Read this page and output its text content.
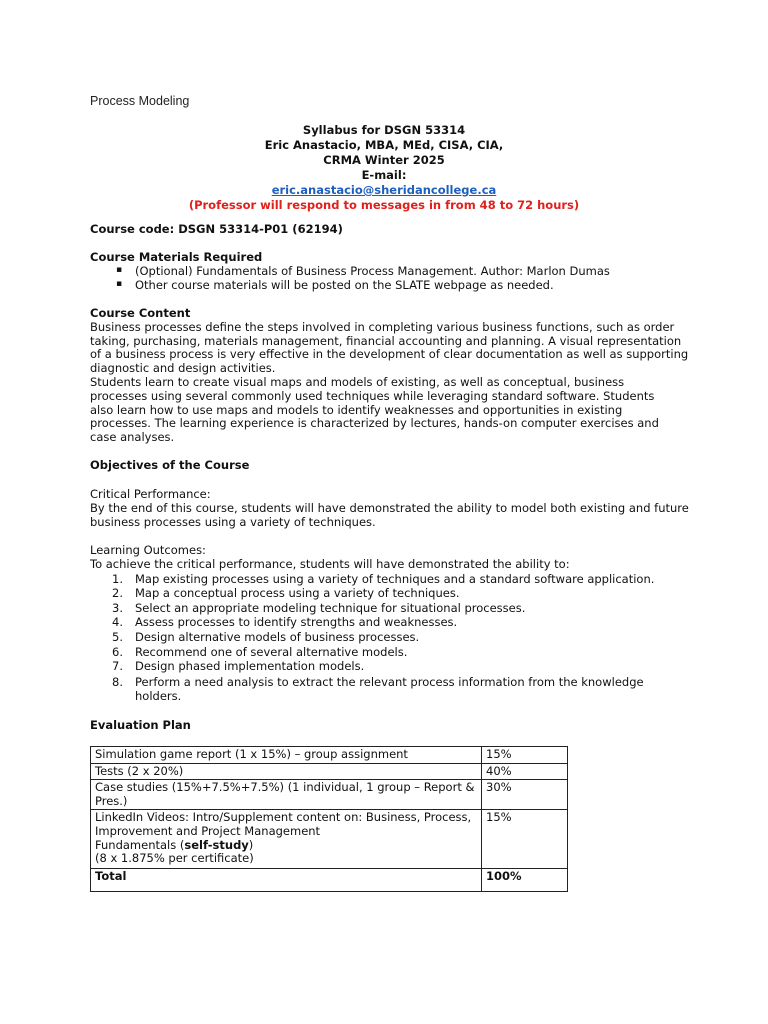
Process Modeling
Syllabus for DSGN 53314
Eric Anastacio, MBA, MEd, CISA, CIA,
CRMA Winter 2025
E-mail:
eric.anastacio@sheridancollege.ca
(Professor will respond to messages in from 48 to 72 hours)
Course code: DSGN 53314-P01 (62194)
Course Materials Required
▪ (Optional) Fundamentals of Business Process Management. Author: Marlon Dumas
▪ Other course materials will be posted on the SLATE webpage as needed.
Course Content
Business processes define the steps involved in completing various business functions, such as order
taking, purchasing, materials management, financial accounting and planning. A visual representation
of a business process is very effective in the development of clear documentation as well as supporting
diagnostic and design activities.
Students learn to create visual maps and models of existing, as well as conceptual, business
processes using several commonly used techniques while leveraging standard software. Students
also learn how to use maps and models to identify weaknesses and opportunities in existing
processes. The learning experience is characterized by lectures, hands-on computer exercises and
case analyses.
Objectives of the Course
Critical Performance:
By the end of this course, students will have demonstrated the ability to model both existing and future
business processes using a variety of techniques.
Learning Outcomes:
To achieve the critical performance, students will have demonstrated the ability to:
1. Map existing processes using a variety of techniques and a standard software application.
2. Map a conceptual process using a variety of techniques.
3. Select an appropriate modeling technique for situational processes.
4. Assess processes to identify strengths and weaknesses.
5. Design alternative models of business processes.
6. Recommend one of several alternative models.
7. Design phased implementation models.
8. Perform a need analysis to extract the relevant process information from the knowledge
holders.
Evaluation Plan
Simulation game report (1 x 15%) – group assignment	15%
Tests (2 x 20%)	40%

Case studies (15%+7.5%+7.5%) (1 individual, 1 group – Report &
Pres.)	30%

LinkedIn Videos: Intro/Supplement content on: Business, Process,
Improvement and Project Management
Fundamentals (self-study)
(8 x 1.875% per certificate)	15%
Total	100%
